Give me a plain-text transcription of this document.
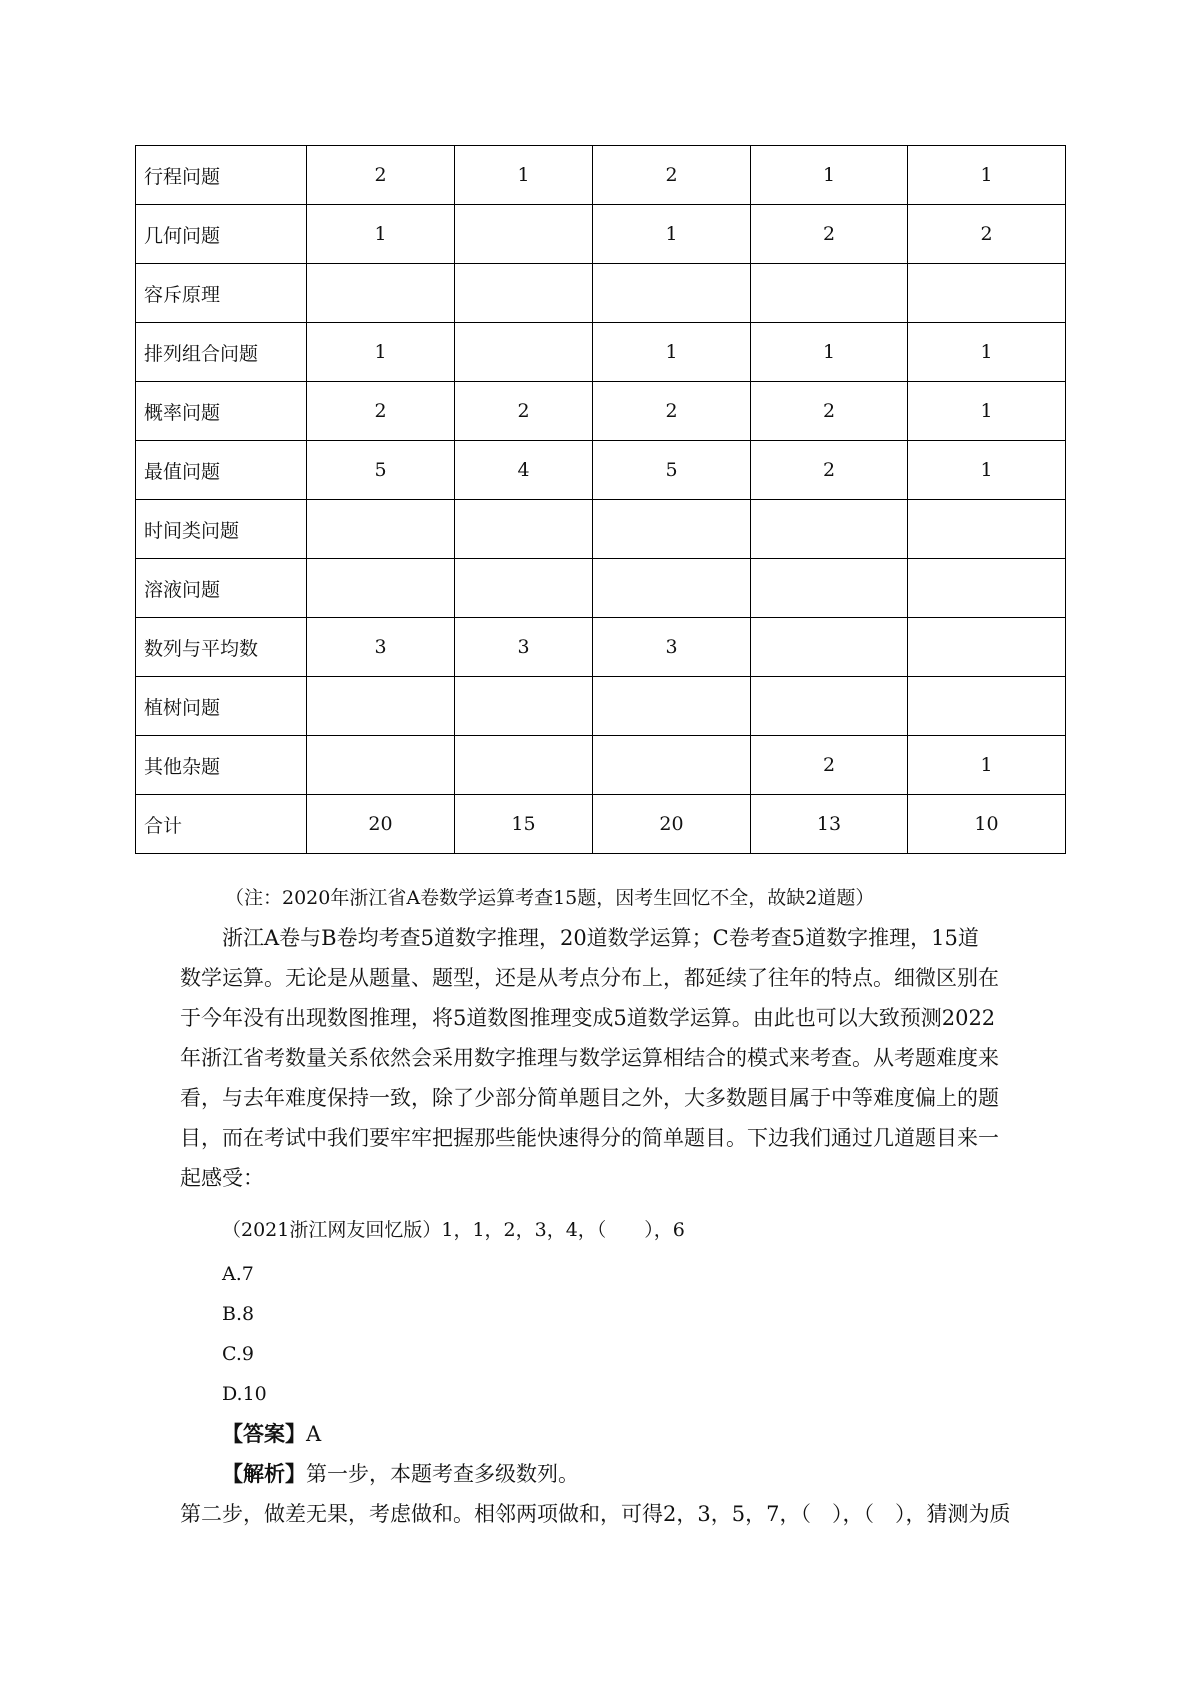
行程问题	2	1	2	1	1
几何问题	1		1	2	2
容斥原理					
排列组合问题	1		1	1	1
概率问题	2	2	2	2	1
最值问题	5	4	5	2	1
时间类问题					
溶液问题					
数列与平均数	3	3	3		
植树问题					
其他杂题				2	1
合计	20	15	20	13	10
（注：2020年浙江省A卷数学运算考查15题，因考生回忆不全，故缺2道题）
浙江A卷与B卷均考查5道数字推理，20道数学运算；C卷考查5道数字推理，15道
数学运算。无论是从题量、题型，还是从考点分布上，都延续了往年的特点。细微区别在
于今年没有出现数图推理，将5道数图推理变成5道数学运算。由此也可以大致预测2022
年浙江省考数量关系依然会采用数字推理与数学运算相结合的模式来考查。从考题难度来
看，与去年难度保持一致，除了少部分简单题目之外，大多数题目属于中等难度偏上的题
目，而在考试中我们要牢牢把握那些能快速得分的简单题目。下边我们通过几道题目来一
起感受：
（2021浙江网友回忆版）1，1，2，3，4，（　　），6
A.7
B.8
C.9
D.10
【答案】A
【解析】第一步，本题考查多级数列。
第二步，做差无果，考虑做和。相邻两项做和，可得2，3，5，7，（　），（　），猜测为质
